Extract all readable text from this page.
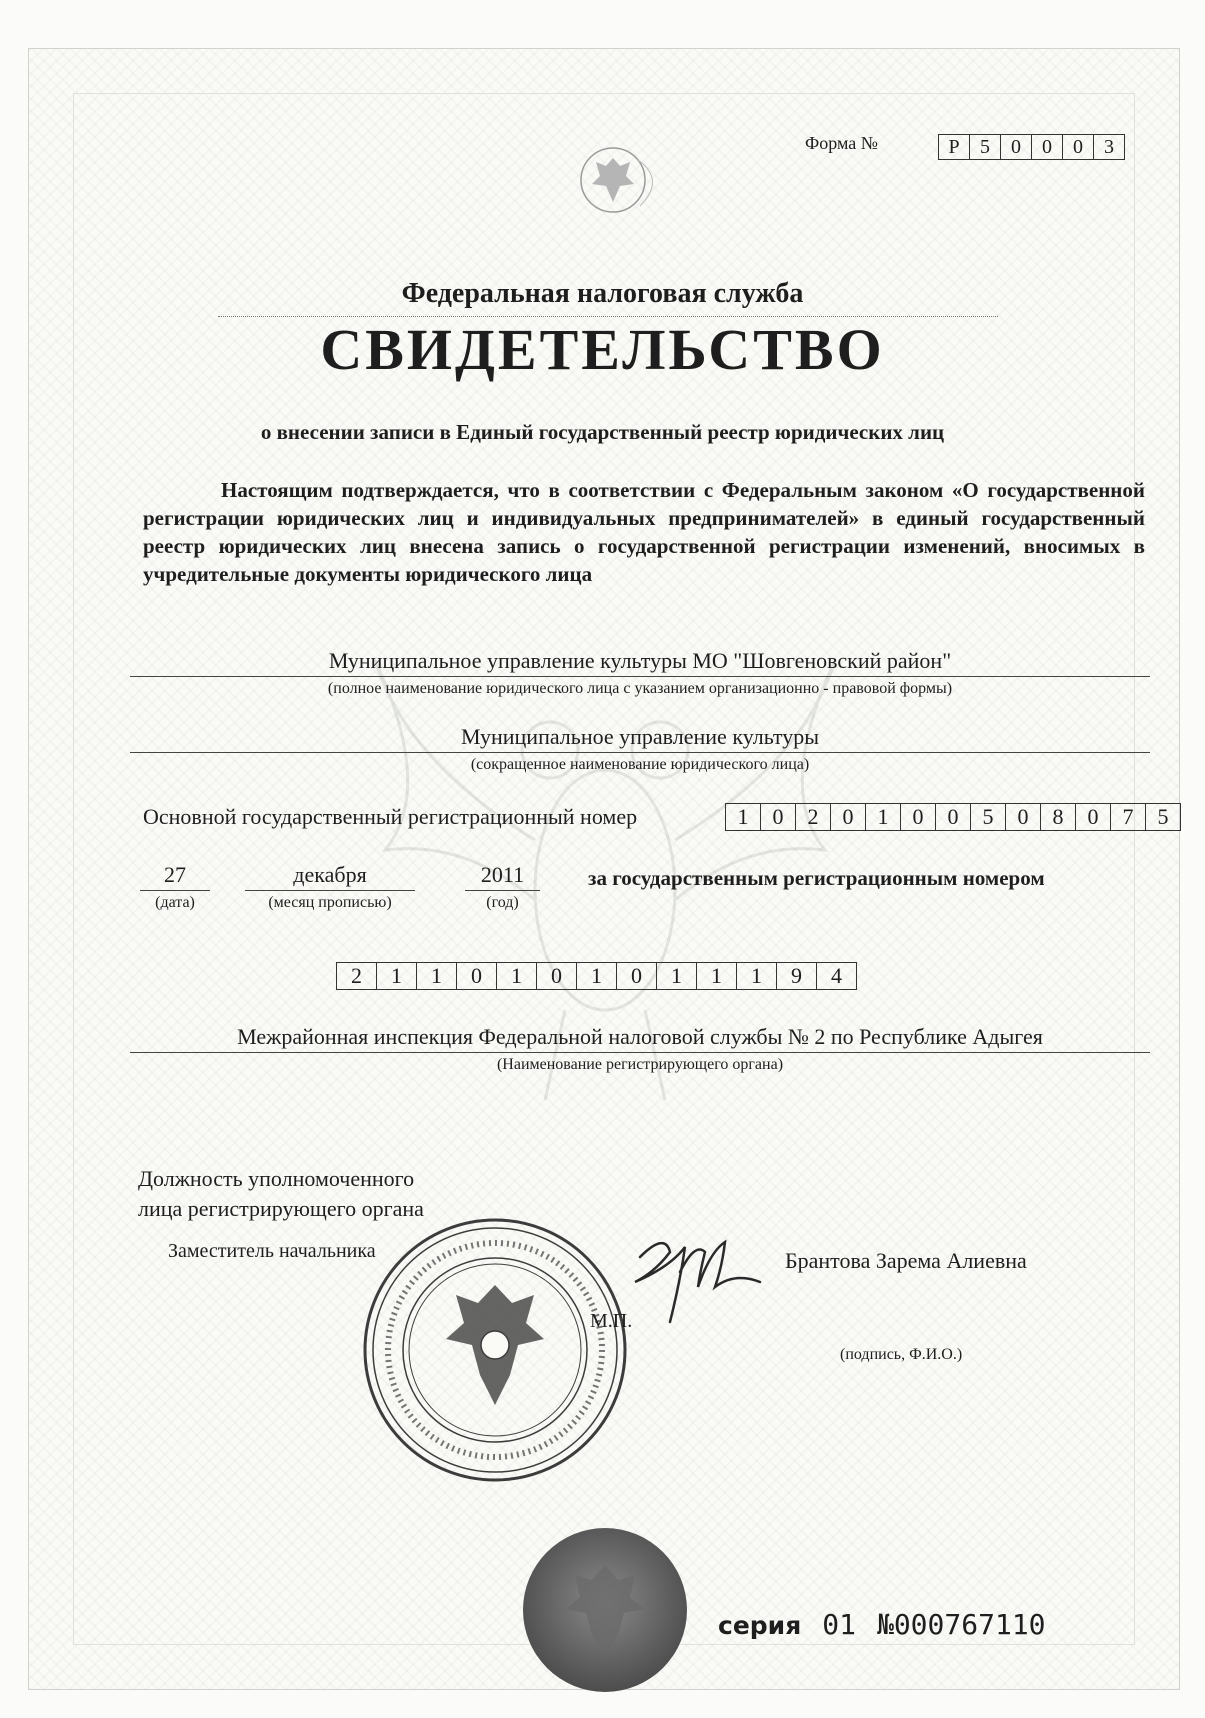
Форма №	Р	5	0	0	0	3
Федеральная налоговая служба
СВИДЕТЕЛЬСТВО
о внесении записи в Единый государственный реестр юридических лиц
Настоящим подтверждается, что в соответствии с Федеральным законом «О государственной регистрации юридических лиц и индивидуальных предпринимателей» в единый государственный реестр юридических лиц внесена запись о государственной регистрации изменений, вносимых в учредительные документы юридического лица
Муниципальное управление культуры МО "Шовгеновский район"
(полное наименование юридического лица с указанием организационно - правовой формы)
Муниципальное управление культуры
(сокращенное наименование юридического лица)
Основной государственный регистрационный номер	1	0	2	0	1	0	0	5	0	8	0	7	5
27	декабря	2011
(дата)	(месяц прописью)	(год)
за государственным регистрационным номером
2	1	1	0	1	0	1	0	1	1	1	9	4
Межрайонная инспекция Федеральной налоговой службы № 2 по Республике Адыгея
(Наименование регистрирующего органа)
Должность уполномоченного
лица регистрирующего органа
Заместитель начальника	Брантова Зарема Алиевна
М.П.
(подпись, Ф.И.О.)
серия 01 №000767110
